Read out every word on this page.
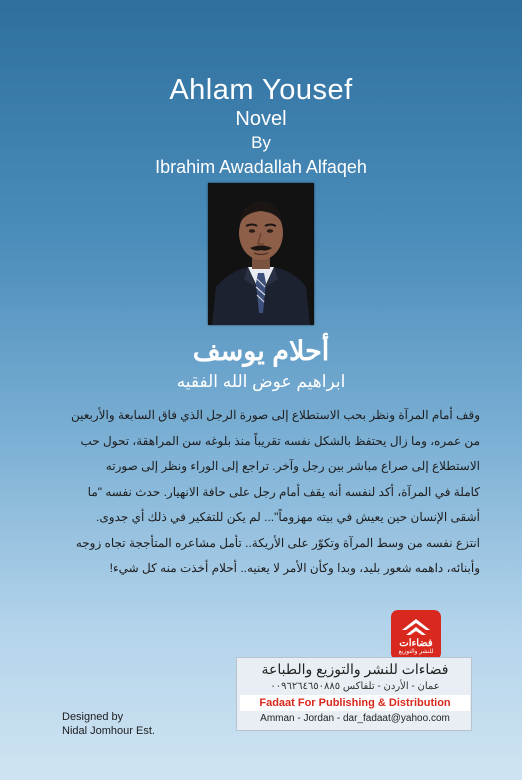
Ahlam Yousef
Novel
By
Ibrahim Awadallah Alfaqeh
أحلام يوسف
ابراهيم عوض الله الفقيه
وقف أمام المرآة ونظر بحب الاستطلاع إلى صورة الرجل الذي فاق السابعة والأربعين
من عمره، وما زال يحتفظ بالشكل نفسه تقريباً منذ بلوغه سن المراهقة، تحول حب
الاستطلاع إلى صراع مباشر بين رجل وآخر. تراجع إلى الوراء ونظر إلى صورته
كاملة في المرآة، أكد لنفسه أنه يقف أمام رجل على حافة الانهيار. حدث نفسه "ما
أشقى الإنسان حين يعيش في بيته مهزوماً"... لم يكن للتفكير في ذلك أي جدوى.
انتزع نفسه من وسط المرآة وتكوّر على الأريكة.. تأمل مشاعره المتأججة تجاه زوجه
وأبنائه، داهمه شعور بليد، وبدا وكأن الأمر لا يعنيه.. أحلام أخذت منه كل شيء!
فضاءات
للنشر والتوزيع
فضاءات للنشر والتوزيع والطباعة
عمان - الأردن - تلفاكس ٠٠٩٦٢٦٤٦٥٠٨٨٥
Fadaat For Publishing & Distribution
Amman - Jordan - dar_fadaat@yahoo.com
Designed by
Nidal Jomhour Est.
